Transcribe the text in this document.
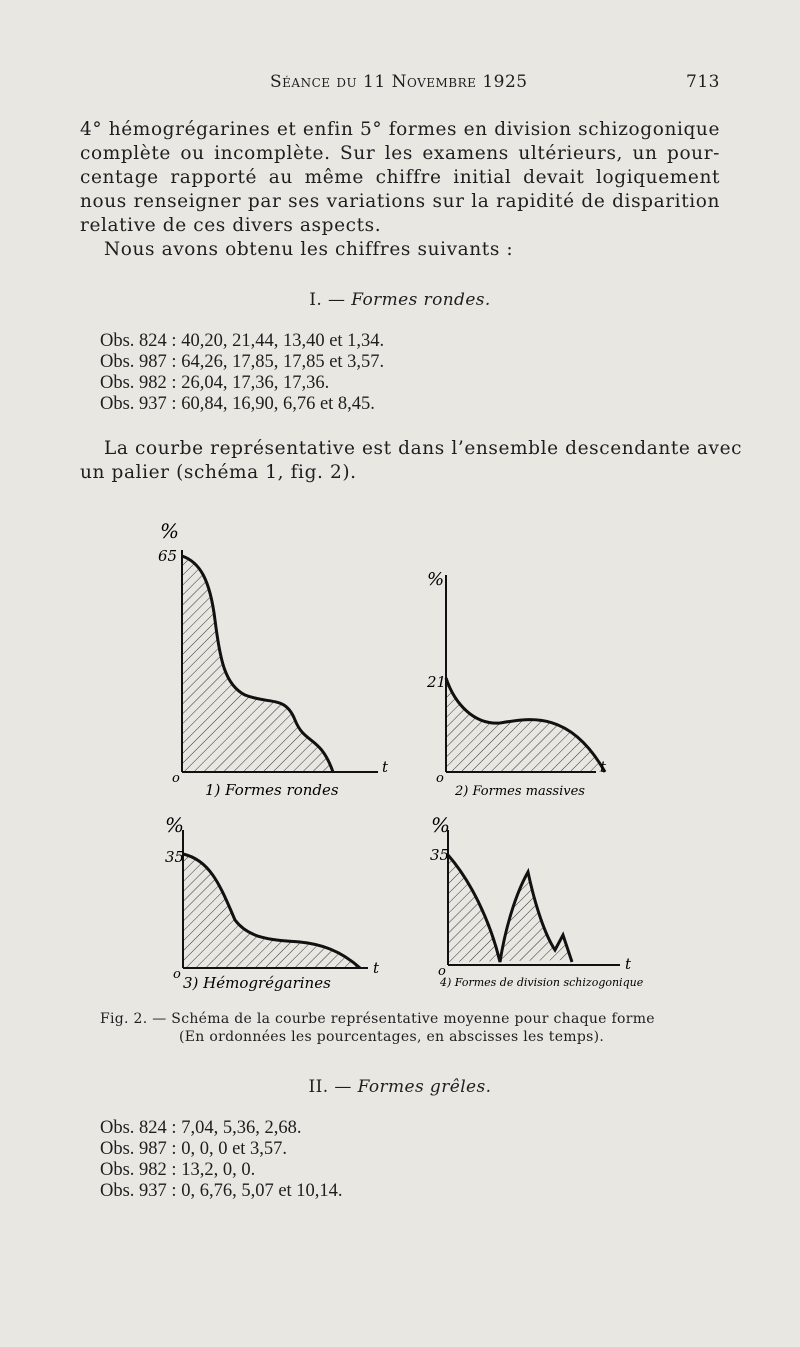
Séance du 11 Novembre 1925	713
4° hémogrégarines et enfin 5° formes en division schizogonique
complète ou incomplète. Sur les examens ultérieurs, un pour-
centage rapporté au même chiffre initial devait logiquement
nous renseigner par ses variations sur la rapidité de disparition
relative de ces divers aspects.
Nous avons obtenu les chiffres suivants :
I. — Formes rondes.
Obs. 824 : 40,20, 21,44, 13,40 et 1,34.
Obs. 987 : 64,26, 17,85, 17,85 et 3,57.
Obs. 982 : 26,04, 17,36, 17,36.
Obs. 937 : 60,84, 16,90, 6,76 et 8,45.
La courbe représentative est dans l’ensemble descendante avec
un palier (schéma 1, fig. 2).
%
65
t
o
1) Formes rondes
%
21
t
o
2) Formes massives
%
35
t
o 3) Hémogrégarines
%
35
t
o
4) Formes de division schizogonique
Fig. 2. — Schéma de la courbe représentative moyenne pour chaque forme
(En ordonnées les pourcentages, en abscisses les temps).
II. — Formes grêles.
Obs. 824 : 7,04, 5,36, 2,68.
Obs. 987 : 0, 0, 0 et 3,57.
Obs. 982 : 13,2, 0, 0.
Obs. 937 : 0, 6,76, 5,07 et 10,14.
